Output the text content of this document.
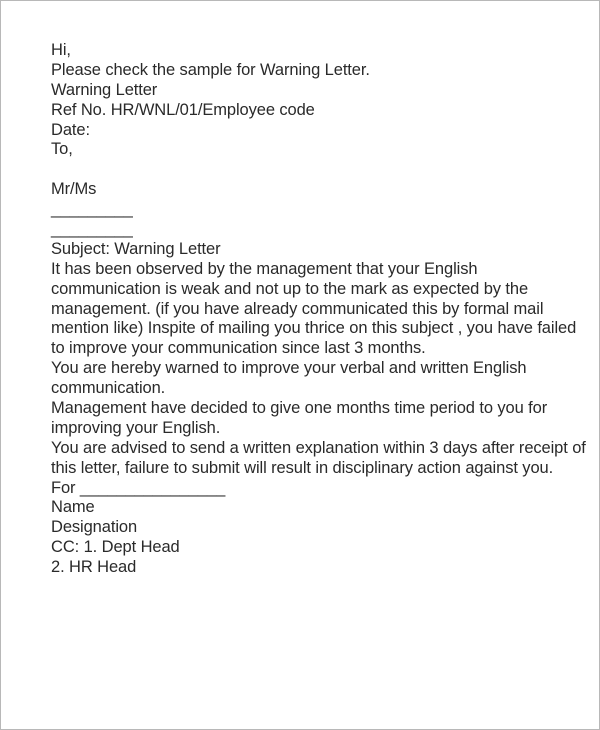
Hi,
Please check the sample for Warning Letter.
Warning Letter
Ref No. HR/WNL/01/Employee code
Date:
To,
Mr/Ms
_________
_________
Subject: Warning Letter
It has been observed by the management that your English
communication is weak and not up to the mark as expected by the
management. (if you have already communicated this by formal mail
mention like) Inspite of mailing you thrice on this subject , you have failed
to improve your communication since last 3 months.
You are hereby warned to improve your verbal and written English
communication.
Management have decided to give one months time period to you for
improving your English.
You are advised to send a written explanation within 3 days after receipt of
this letter, failure to submit will result in disciplinary action against you.
For ________________
Name
Designation
CC: 1. Dept Head
2. HR Head
